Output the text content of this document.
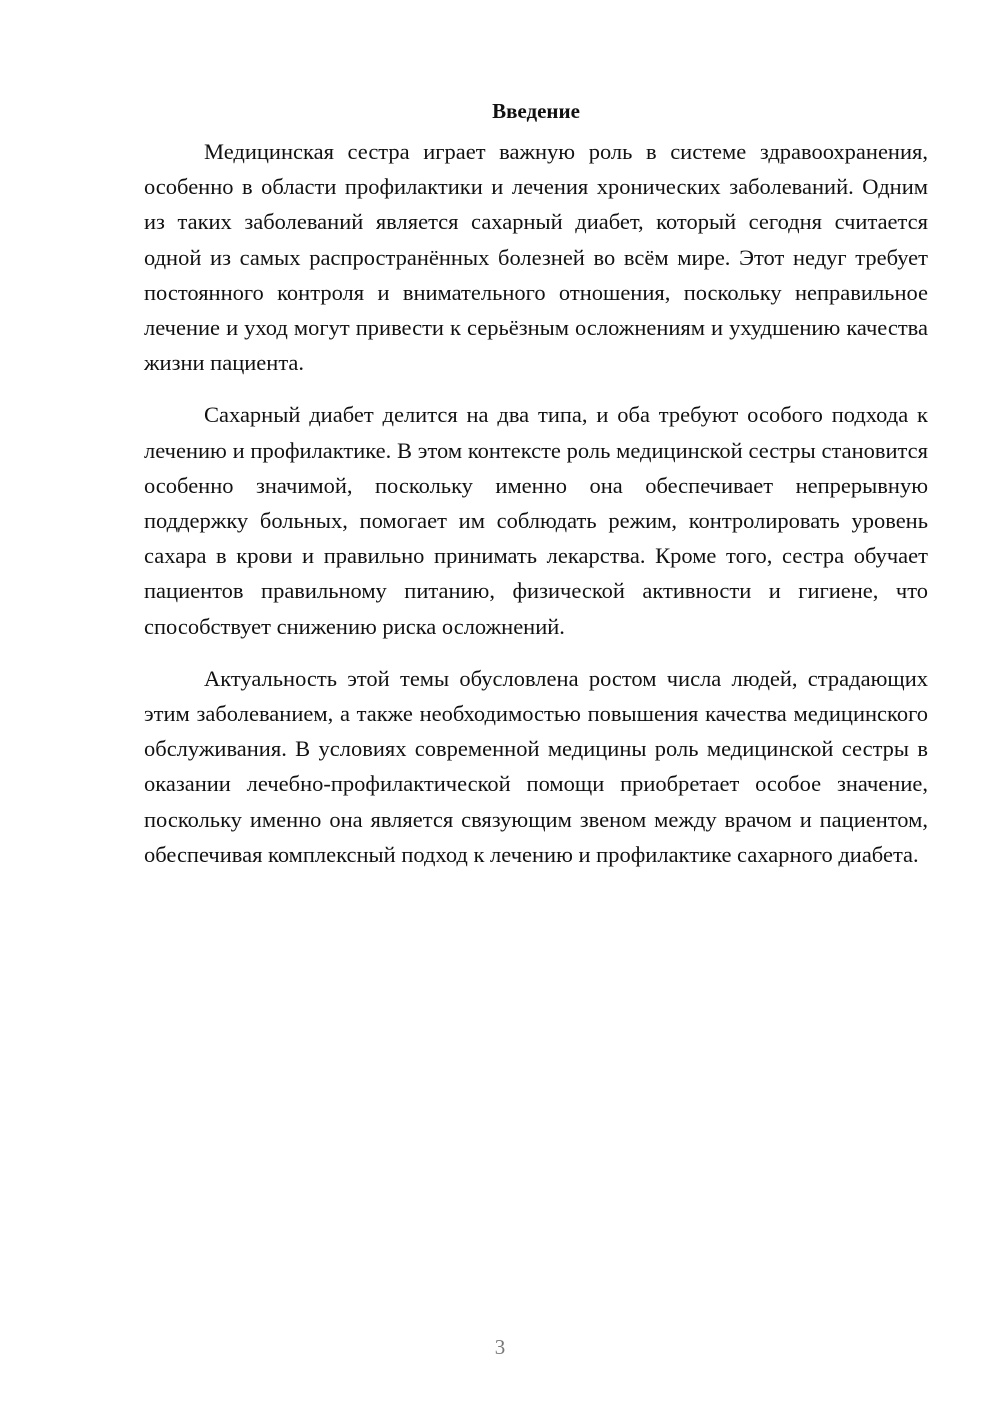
Введение

Медицинская сестра играет важную роль в системе здравоохранения, особенно в области профилактики и лечения хронических заболеваний. Одним из таких заболеваний является сахарный диабет, который сегодня считается одной из самых распространённых болезней во всём мире. Этот недуг требует постоянного контроля и внимательного отношения, поскольку неправильное лечение и уход могут привести к серьёзным осложнениям и ухудшению качества жизни пациента.

Сахарный диабет делится на два типа, и оба требуют особого подхода к лечению и профилактике. В этом контексте роль медицинской сестры становится особенно значимой, поскольку именно она обеспечивает непрерывную поддержку больных, помогает им соблюдать режим, контролировать уровень сахара в крови и правильно принимать лекарства. Кроме того, сестра обучает пациентов правильному питанию, физической активности и гигиене, что способствует снижению риска осложнений.

Актуальность этой темы обусловлена ростом числа людей, страдающих этим заболеванием, а также необходимостью повышения качества медицинского обслуживания. В условиях современной медицины роль медицинской сестры в оказании лечебно-профилактической помощи приобретает особое значение, поскольку именно она является связующим звеном между врачом и пациентом, обеспечивая комплексный подход к лечению и профилактике сахарного диабета.

3
